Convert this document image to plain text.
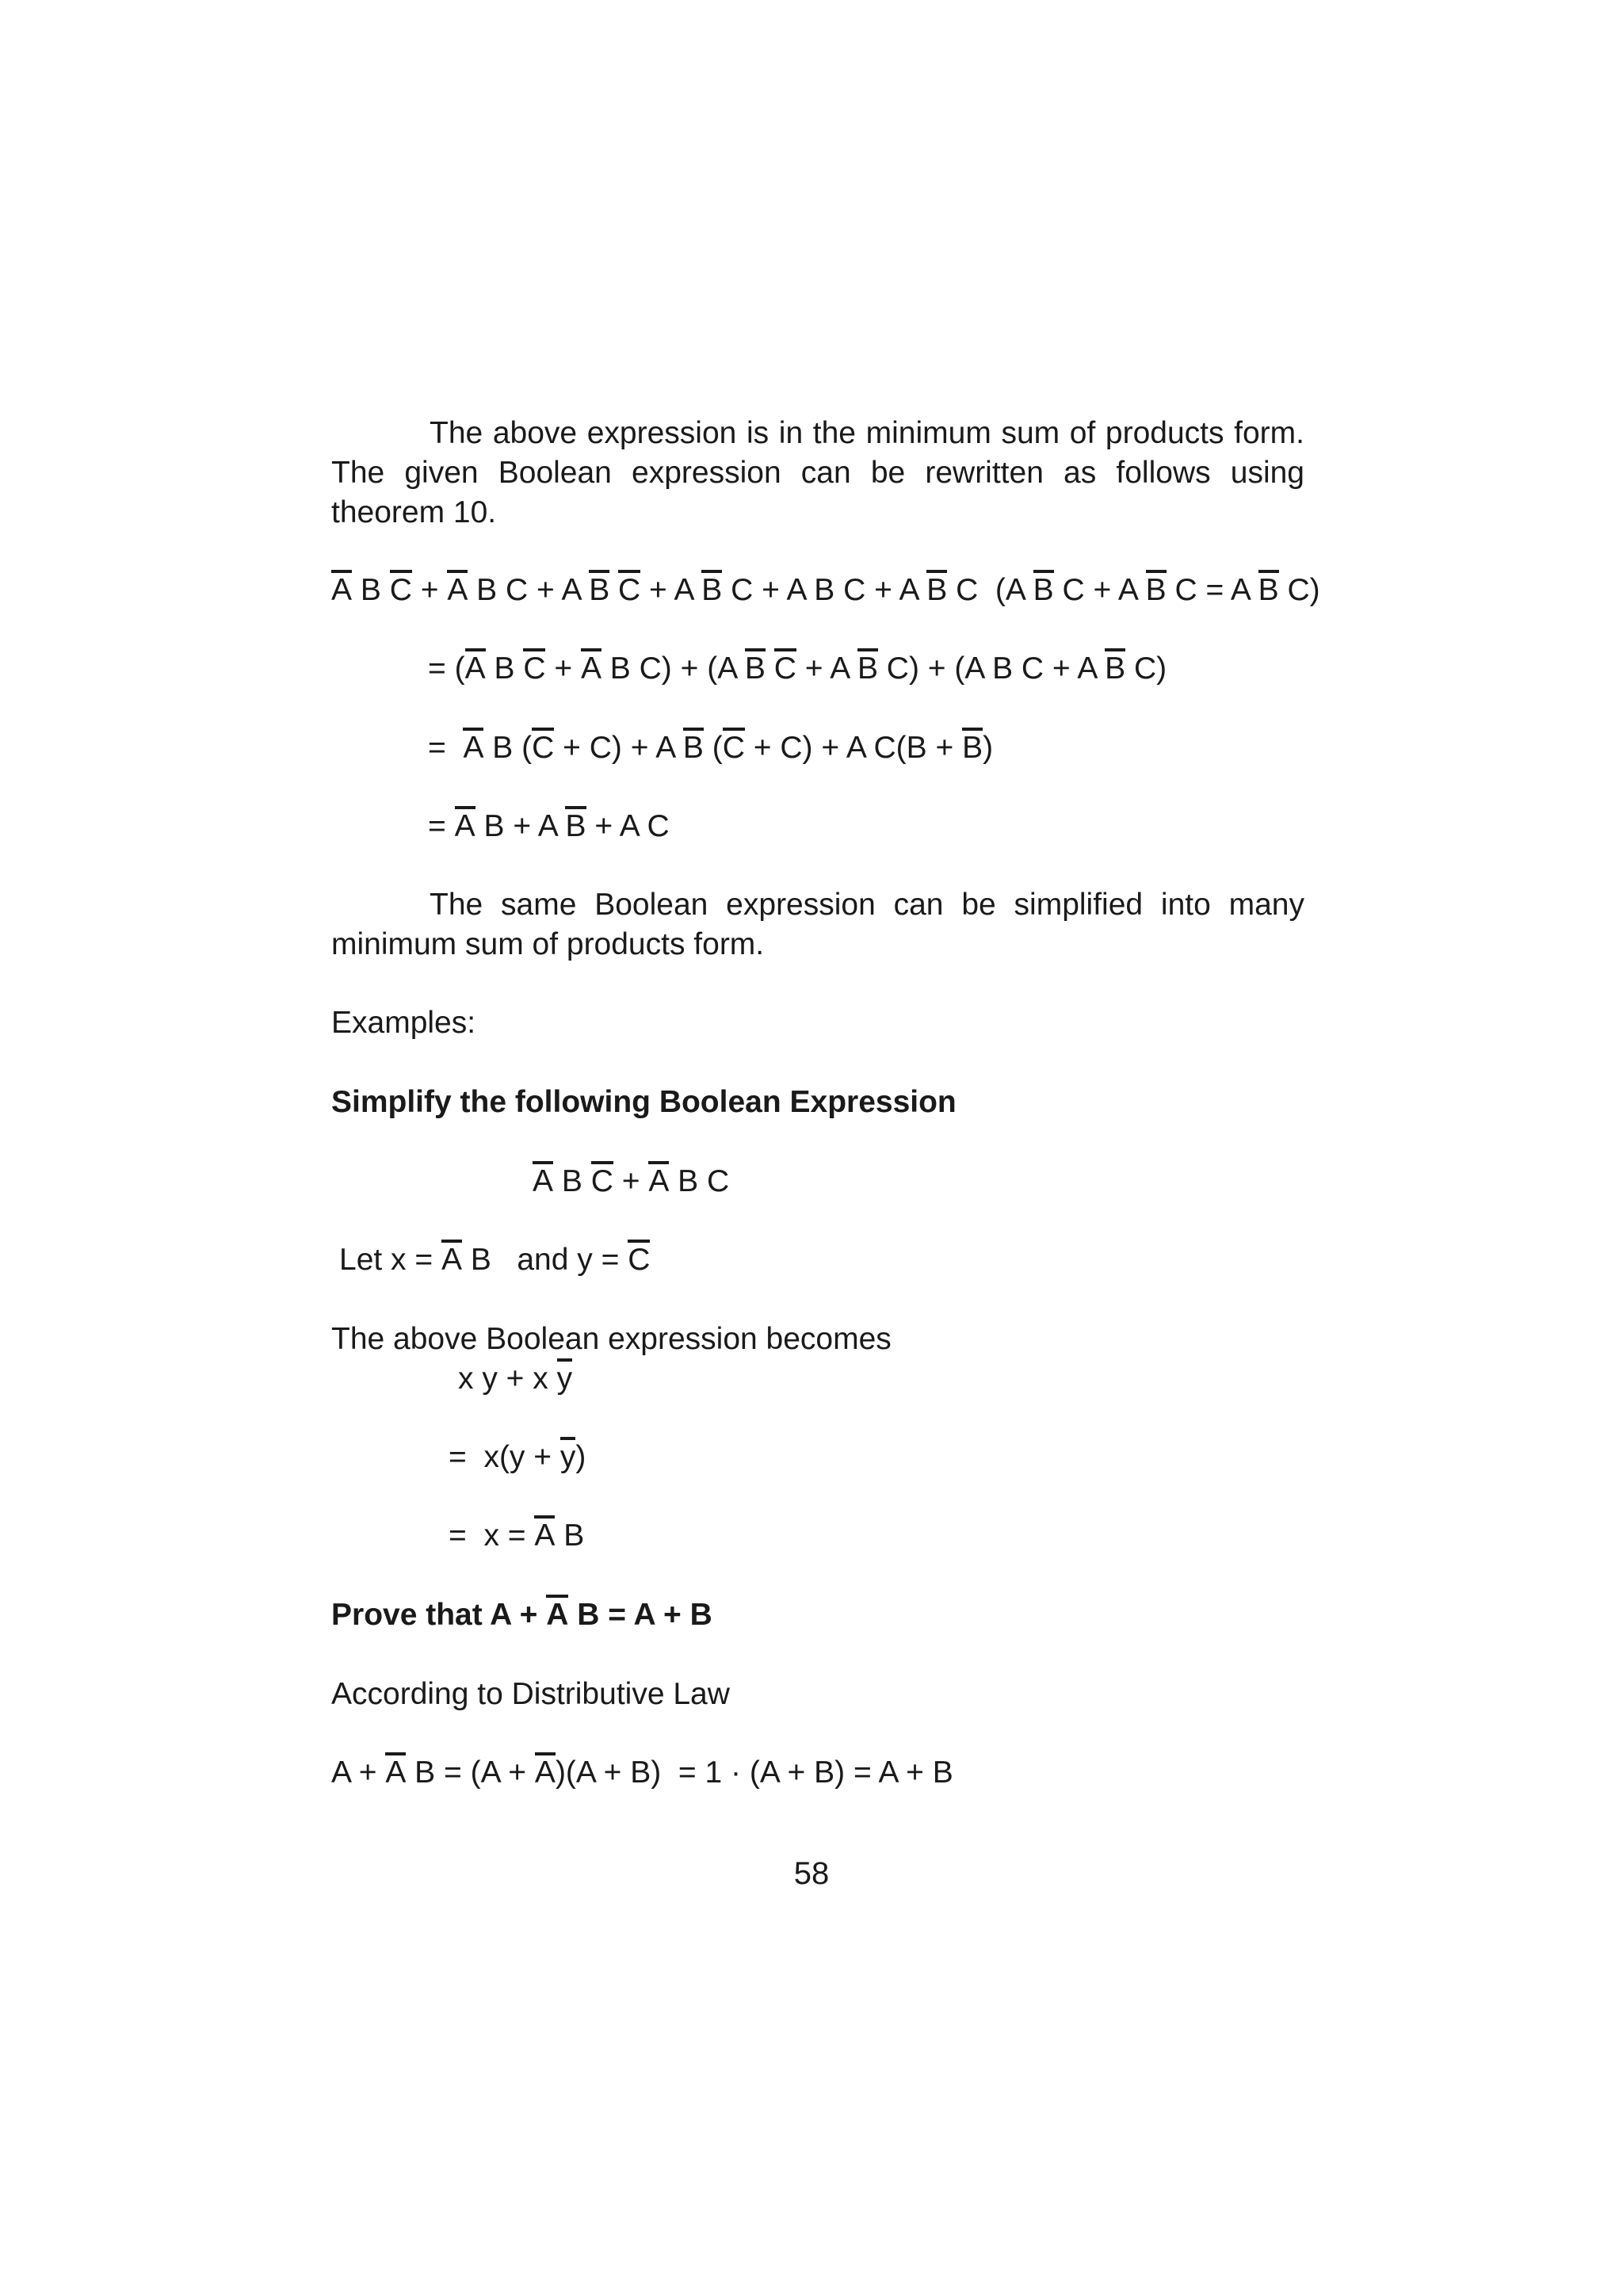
The above expression is in the minimum sum of products form. The given Boolean expression can be rewritten as follows using theorem 10.
A B C + A B C + A B C + A B C + A B C + A B C  (A B C + A B C = A B C)
= (A B C + A B C) + (A B C + A B C) + (A B C + A B C)
=  A B (C + C) + A B (C + C) + A C(B + B)
= A B + A B + A C
The same Boolean expression can be simplified into many minimum sum of products form.
Examples:
Simplify the following Boolean Expression
A B C + A B C
Let x = A B   and y = C
The above Boolean expression becomes
x y + x y
=  x(y + y)
=  x = A B
Prove that A + A B = A + B
According to Distributive Law
A + A B = (A + A)(A + B)  = 1 · (A + B) = A + B
58
